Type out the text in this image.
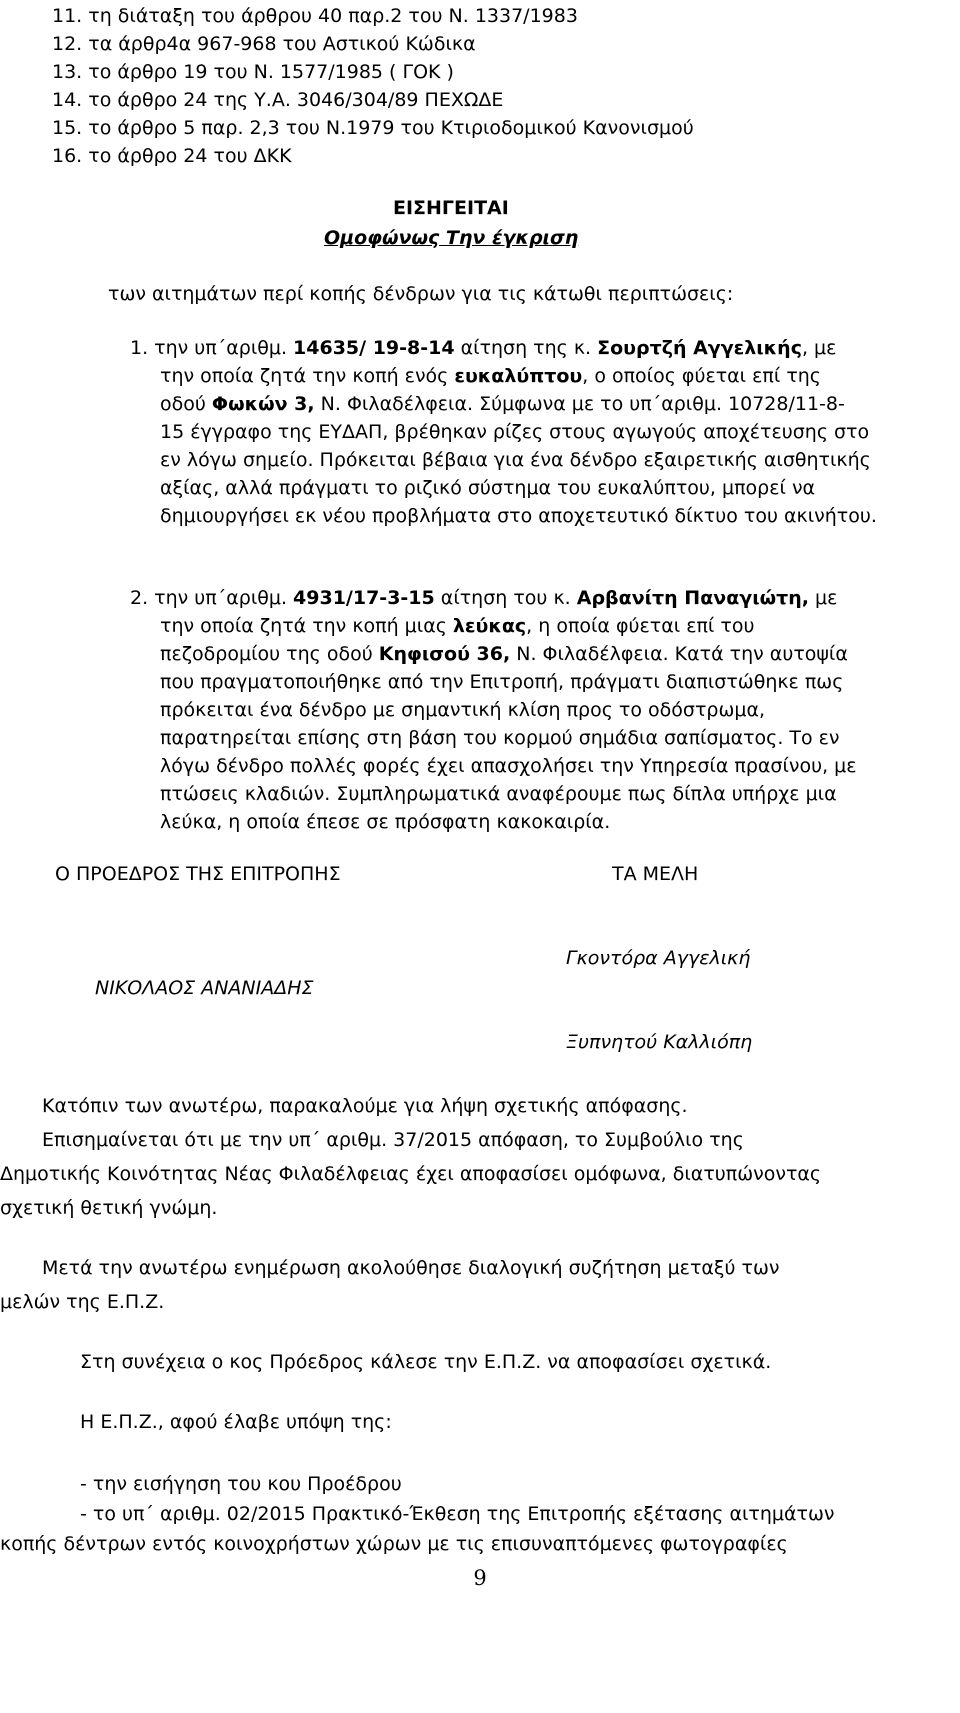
11. τη διάταξη του άρθρου 40 παρ.2 του Ν. 1337/1983
12. τα άρθρ4α 967-968 του Αστικού Κώδικα
13. το άρθρο 19 του Ν. 1577/1985 ( ΓΟΚ )
14. το άρθρο 24 της Υ.Α. 3046/304/89 ΠΕΧΩΔΕ
15. το άρθρο 5 παρ. 2,3 του Ν.1979 του Κτιριοδομικού Κανονισμού
16. το άρθρο 24 του ΔΚΚ
ΕΙΣΗΓΕΙΤΑΙ
Ομοφώνως Την έγκριση
των αιτημάτων περί κοπής δένδρων για τις κάτωθι περιπτώσεις:
1. την υπ΄αριθμ. 14635/ 19-8-14 αίτηση της κ. Σουρτζή Αγγελικής, με
την οποία ζητά την κοπή ενός ευκαλύπτου, ο οποίος φύεται επί της
οδού Φωκών 3, Ν. Φιλαδέλφεια. Σύμφωνα με το υπ΄αριθμ. 10728/11-8-
15 έγγραφο της ΕΥΔΑΠ, βρέθηκαν ρίζες στους αγωγούς αποχέτευσης στο
εν λόγω σημείο. Πρόκειται βέβαια για ένα δένδρο εξαιρετικής αισθητικής
αξίας, αλλά πράγματι το ριζικό σύστημα του ευκαλύπτου, μπορεί να
δημιουργήσει εκ νέου προβλήματα στο αποχετευτικό δίκτυο του ακινήτου.
2. την υπ΄αριθμ. 4931/17-3-15 αίτηση του κ. Αρβανίτη Παναγιώτη, με
την οποία ζητά την κοπή μιας λεύκας, η οποία φύεται επί του
πεζοδρομίου της οδού Κηφισού 36, Ν. Φιλαδέλφεια. Κατά την αυτοψία
που πραγματοποιήθηκε από την Επιτροπή, πράγματι διαπιστώθηκε πως
πρόκειται ένα δένδρο με σημαντική κλίση προς το οδόστρωμα,
παρατηρείται επίσης στη βάση του κορμού σημάδια σαπίσματος. Το εν
λόγω δένδρο πολλές φορές έχει απασχολήσει την Υπηρεσία πρασίνου, με
πτώσεις κλαδιών. Συμπληρωματικά αναφέρουμε πως δίπλα υπήρχε μια
λεύκα, η οποία έπεσε σε πρόσφατη κακοκαιρία.
Ο ΠΡΟΕΔΡΟΣ ΤΗΣ ΕΠΙΤΡΟΠΗΣ	ΤΑ ΜΕΛΗ
Γκοντόρα Αγγελική
ΝΙΚΟΛΑΟΣ ΑΝΑΝΙΑΔΗΣ
Ξυπνητού Καλλιόπη
Κατόπιν των ανωτέρω, παρακαλούμε για λήψη σχετικής απόφασης.
Επισημαίνεται ότι με την υπ΄ αριθμ. 37/2015 απόφαση, το Συμβούλιο της
Δημοτικής Κοινότητας Νέας Φιλαδέλφειας έχει αποφασίσει ομόφωνα, διατυπώνοντας
σχετική θετική γνώμη.
Μετά την ανωτέρω ενημέρωση ακολούθησε διαλογική συζήτηση μεταξύ των
μελών της Ε.Π.Ζ.
Στη συνέχεια ο κος Πρόεδρος κάλεσε την Ε.Π.Ζ. να αποφασίσει σχετικά.
Η Ε.Π.Ζ., αφού έλαβε υπόψη της:
- την εισήγηση του κου Προέδρου
- το υπ΄ αριθμ. 02/2015 Πρακτικό-Έκθεση της Επιτροπής εξέτασης αιτημάτων
κοπής δέντρων εντός κοινοχρήστων χώρων με τις επισυναπτόμενες φωτογραφίες
9
